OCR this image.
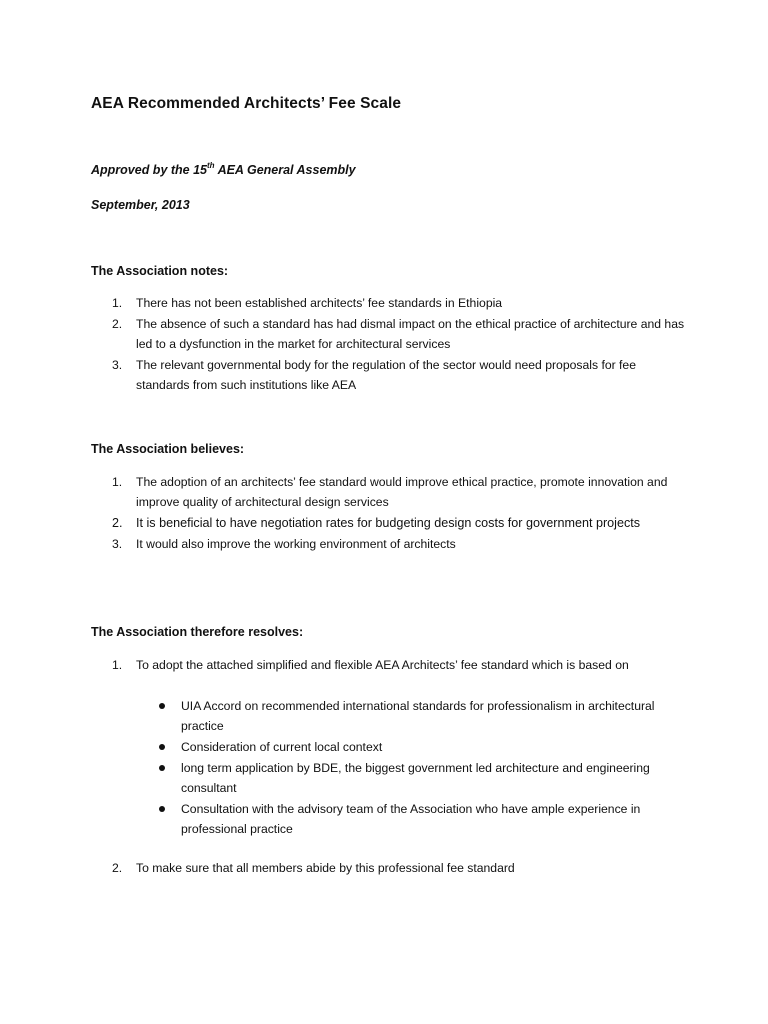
AEA Recommended Architects’ Fee Scale
Approved by the 15th AEA General Assembly
September, 2013
The Association notes:
1. There has not been established architects’ fee standards in Ethiopia
2. The absence of such a standard has had dismal impact on the ethical practice of architecture and has led to a dysfunction in the market for architectural services
3. The relevant governmental body for the regulation of the sector would need proposals for fee standards from such institutions like AEA
The Association believes:
1. The adoption of an architects’ fee standard would improve ethical practice, promote innovation and improve quality of architectural design services
2. It is beneficial to have negotiation rates for budgeting design costs for government projects
3. It would also improve the working environment of architects
The Association therefore resolves:
1. To adopt the attached simplified and flexible AEA Architects’ fee standard which is based on
UIA Accord on recommended international standards for professionalism in architectural practice
Consideration of current local context
long term application by BDE, the biggest government led architecture and engineering consultant
Consultation with the advisory team of the Association who have ample experience in professional practice
2. To make sure that all members abide by this professional fee standard
